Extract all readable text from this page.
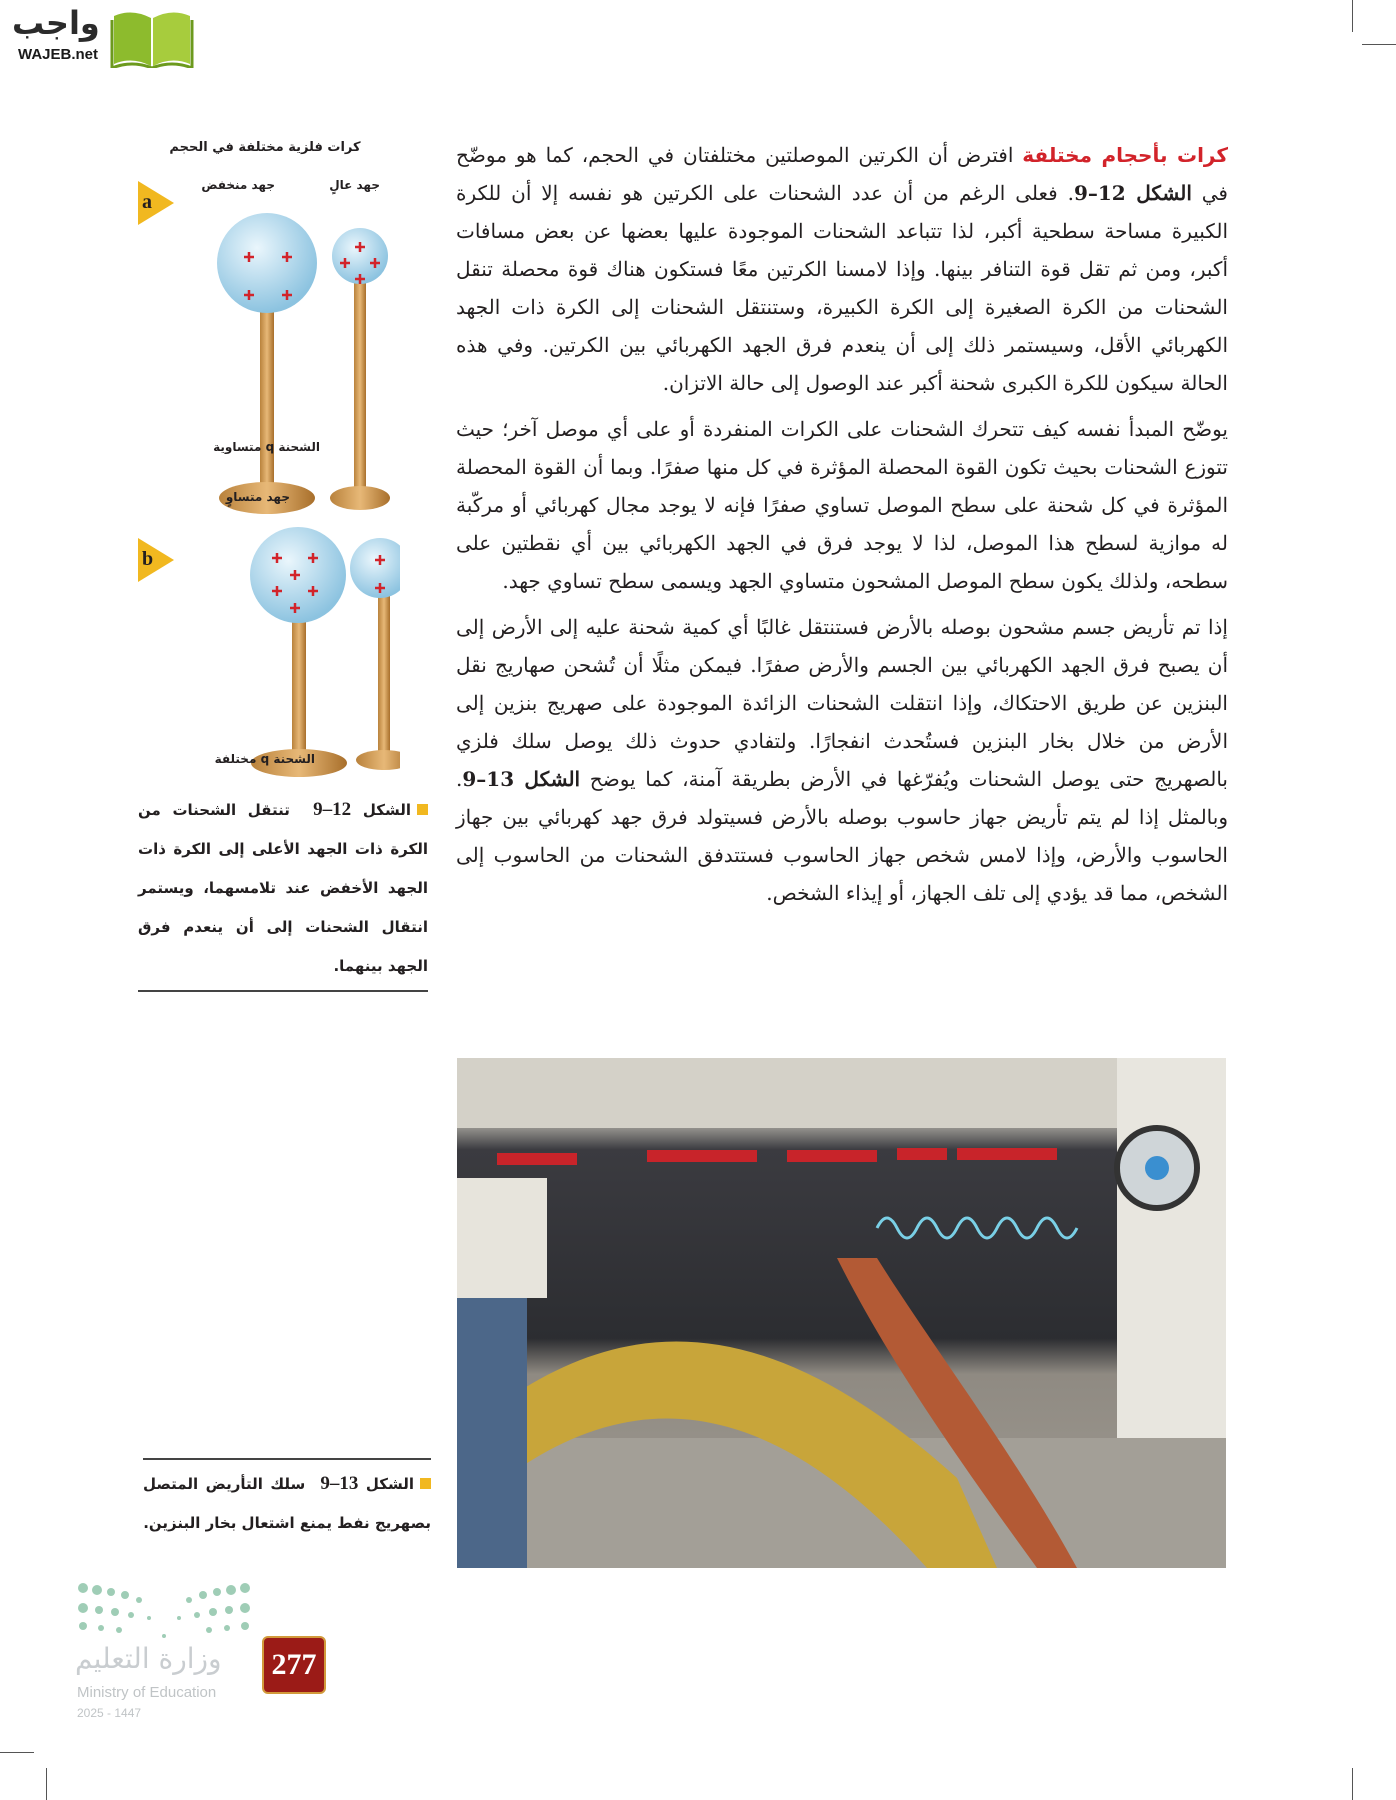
واجب
WAJEB.net

كرات بأحجام مختلفة افترض أن الكرتين الموصلتين مختلفتان في الحجم، كما هو موضّح في الشكل 12–9. فعلى الرغم من أن عدد الشحنات على الكرتين هو نفسه إلا أن للكرة الكبيرة مساحة سطحية أكبر، لذا تتباعد الشحنات الموجودة عليها بعضها عن بعض مسافات أكبر، ومن ثم تقل قوة التنافر بينها. وإذا لامسنا الكرتين معًا فستكون هناك قوة محصلة تنقل الشحنات من الكرة الصغيرة إلى الكرة الكبيرة، وستنتقل الشحنات إلى الكرة ذات الجهد الكهربائي الأقل، وسيستمر ذلك إلى أن ينعدم فرق الجهد الكهربائي بين الكرتين. وفي هذه الحالة سيكون للكرة الكبرى شحنة أكبر عند الوصول إلى حالة الاتزان.

يوضّح المبدأ نفسه كيف تتحرك الشحنات على الكرات المنفردة أو على أي موصل آخر؛ حيث تتوزع الشحنات بحيث تكون القوة المحصلة المؤثرة في كل منها صفرًا. وبما أن القوة المحصلة المؤثرة في كل شحنة على سطح الموصل تساوي صفرًا فإنه لا يوجد مجال كهربائي أو مركّبة له موازية لسطح هذا الموصل، لذا لا يوجد فرق في الجهد الكهربائي بين أي نقطتين على سطحه، ولذلك يكون سطح الموصل المشحون متساوي الجهد ويسمى سطح تساوي جهد.

إذا تم تأريض جسم مشحون بوصله بالأرض فستنتقل غالبًا أي كمية شحنة عليه إلى الأرض إلى أن يصبح فرق الجهد الكهربائي بين الجسم والأرض صفرًا. فيمكن مثلًا أن تُشحن صهاريج نقل البنزين عن طريق الاحتكاك، وإذا انتقلت الشحنات الزائدة الموجودة على صهريج بنزين إلى الأرض من خلال بخار البنزين فستُحدث انفجارًا. ولتفادي حدوث ذلك يوصل سلك فلزي بالصهريج حتى يوصل الشحنات ويُفرّغها في الأرض بطريقة آمنة، كما يوضح الشكل 13–9. وبالمثل إذا لم يتم تأريض جهاز حاسوب بوصله بالأرض فسيتولد فرق جهد كهربائي بين جهاز الحاسوب والأرض، وإذا لامس شخص جهاز الحاسوب فستتدفق الشحنات من الحاسوب إلى الشخص، مما قد يؤدي إلى تلف الجهاز، أو إيذاء الشخص.

كرات فلزية مختلفة في الحجم
جهد عالٍ
جهد منخفض
a
الشحنة q متساوية
جهد متساوٍ
b
الشحنة q مختلفة
الشكل 12–9  تنتقل الشحنات من الكرة ذات الجهد الأعلى إلى الكرة ذات الجهد الأخفض عند تلامسهما، ويستمر انتقال الشحنات إلى أن ينعدم فرق الجهد بينهما.
الشكل 13–9  سلك التأريض المتصل بصهريج نفط يمنع اشتعال بخار البنزين.
وزارة التعليم
Ministry of Education
2025 - 1447
277
